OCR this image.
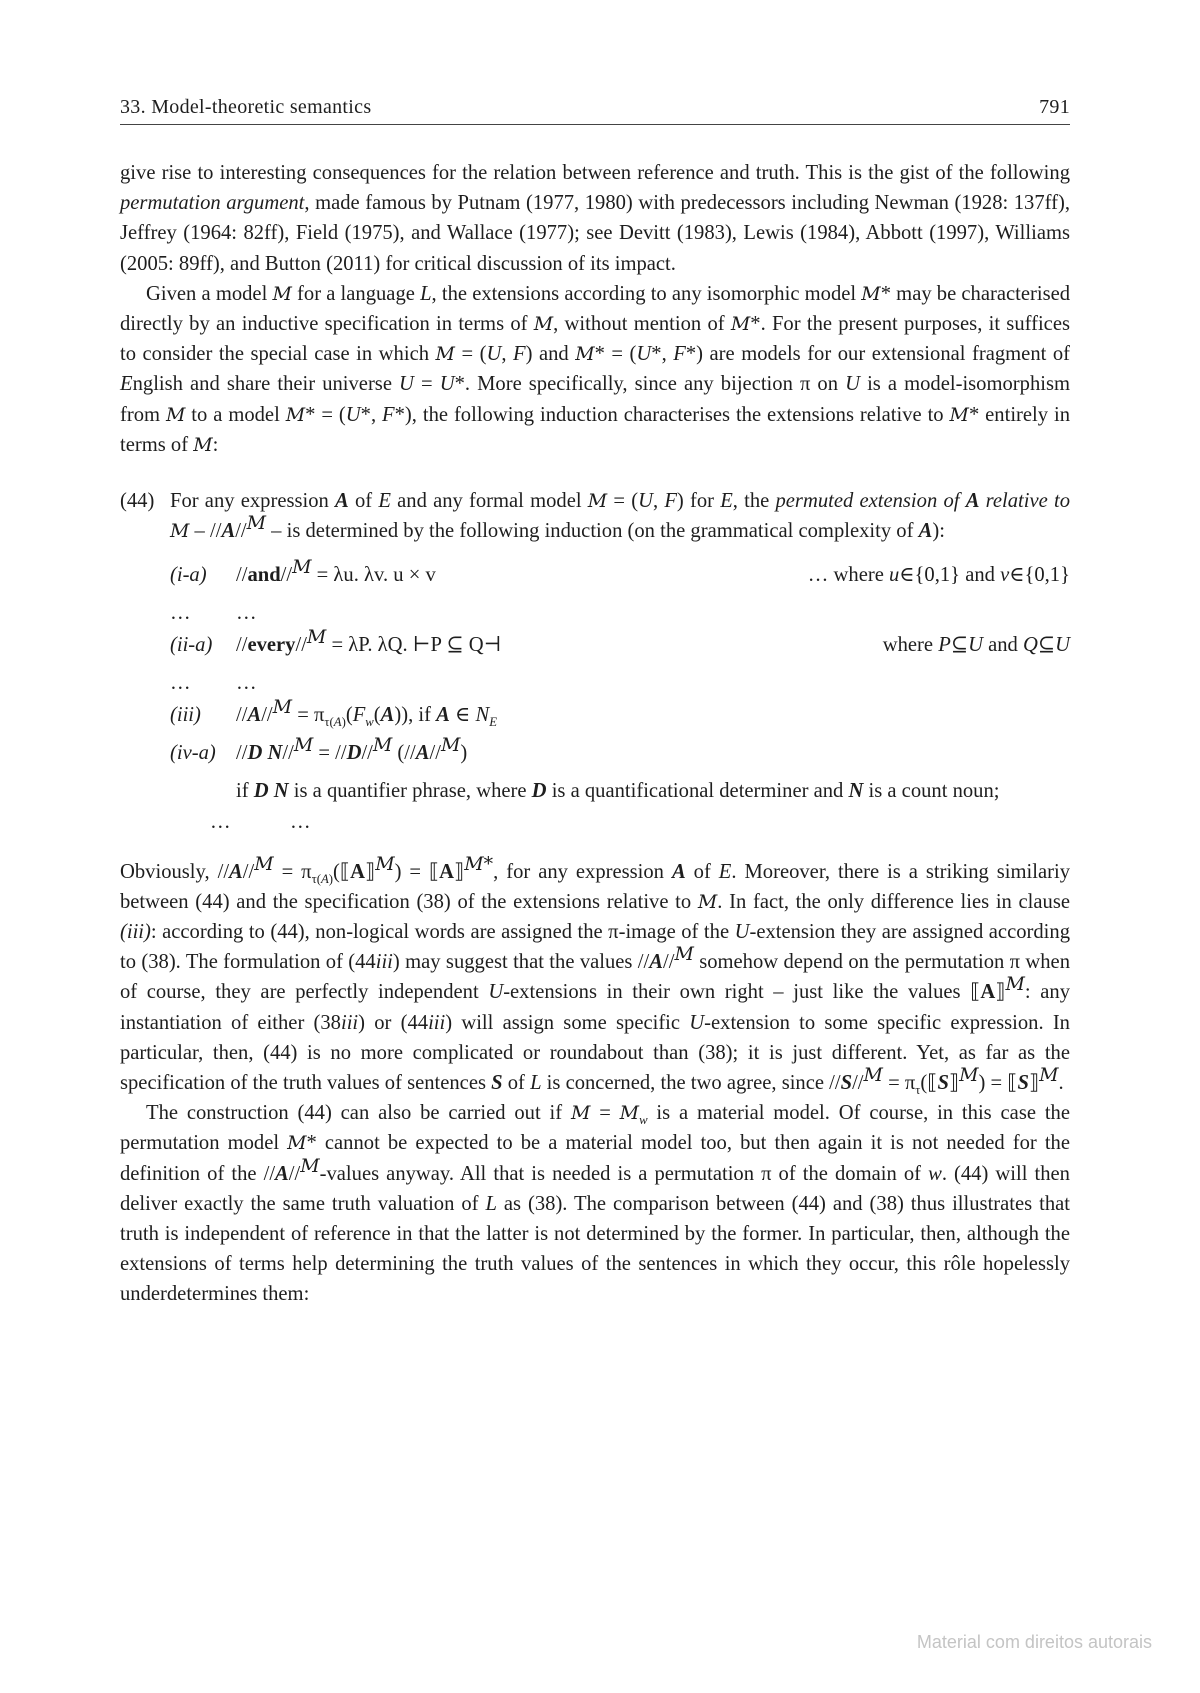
33. Model-theoretic semantics	791

give rise to interesting consequences for the relation between reference and truth. This is the gist of the following permutation argument, made famous by Putnam (1977, 1980) with predecessors including Newman (1928: 137ff), Jeffrey (1964: 82ff), Field (1975), and Wallace (1977); see Devitt (1983), Lewis (1984), Abbott (1997), Williams (2005: 89ff), and Button (2011) for critical discussion of its impact.

Given a model M for a language L, the extensions according to any isomorphic model M* may be characterised directly by an inductive specification in terms of M, without mention of M*. For the present purposes, it suffices to consider the special case in which M = (U, F) and M* = (U*, F*) are models for our extensional fragment of English and share their universe U = U*. More specifically, since any bijection π on U is a model-isomorphism from M to a model M* = (U*, F*), the following induction characterises the extensions relative to M* entirely in terms of M:

(44) For any expression A of E and any formal model M = (U, F) for E, the permuted extension of A relative to M – //A//$^M$ – is determined by the following induction (on the grammatical complexity of A):

(i-a)	//and//$^M$ = λu. λv. u × v	… where u∈{0,1} and v∈{0,1}
…	…
(ii-a)	//every//$^M$ = λP. λQ. ⊢P ⊆ Q⊣	where P⊆U and Q⊆U
…	…
(iii)	$//A//^M = \pi_{\tau(A)}(F_w(A))$, if A ∈ $N_E$
(iv-a) //D N//$^M$ = //D//$^M$ (//A//$^M$)

if D N is a quantifier phrase, where D is a quantificational determiner and N is a count noun;

…	…

Obviously, $//A//^M = \pi_{\tau(A)}(⟦A⟧^M)$ = ⟦A⟧$^{M*}$, for any expression A of E. Moreover, there is a striking similariy between (44) and the specification (38) of the extensions relative to M. In fact, the only difference lies in clause (iii): according to (44), non-logical words are assigned the π-image of the U-extension they are assigned according to (38). The formulation of (44iii) may suggest that the values //A//$^M$ somehow depend on the permutation π when of course, they are perfectly independent U-extensions in their own right – just like the values ⟦A⟧$^M$: any instantiation of either (38iii) or (44iii) will assign some specific U-extension to some specific expression. In particular, then, (44) is no more complicated or roundabout than (38); it is just different. Yet, as far as the specification of the truth values of sentences S of L is concerned, the two agree, since $//S//^M = \pi_\tau(⟦S⟧^M)$ = ⟦S⟧$^M$.

The construction (44) can also be carried out if $M = M_w$ is a material model. Of course, in this case the permutation model M* cannot be expected to be a material model too, but then again it is not needed for the definition of the //A//$^M$-values anyway. All that is needed is a permutation π of the domain of w. (44) will then deliver exactly the same truth valuation of L as (38). The comparison between (44) and (38) thus illustrates that truth is independent of reference in that the latter is not determined by the former. In particular, then, although the extensions of terms help determining the truth values of the sentences in which they occur, this rôle hopelessly underdetermines them:

Material com direitos autorais
